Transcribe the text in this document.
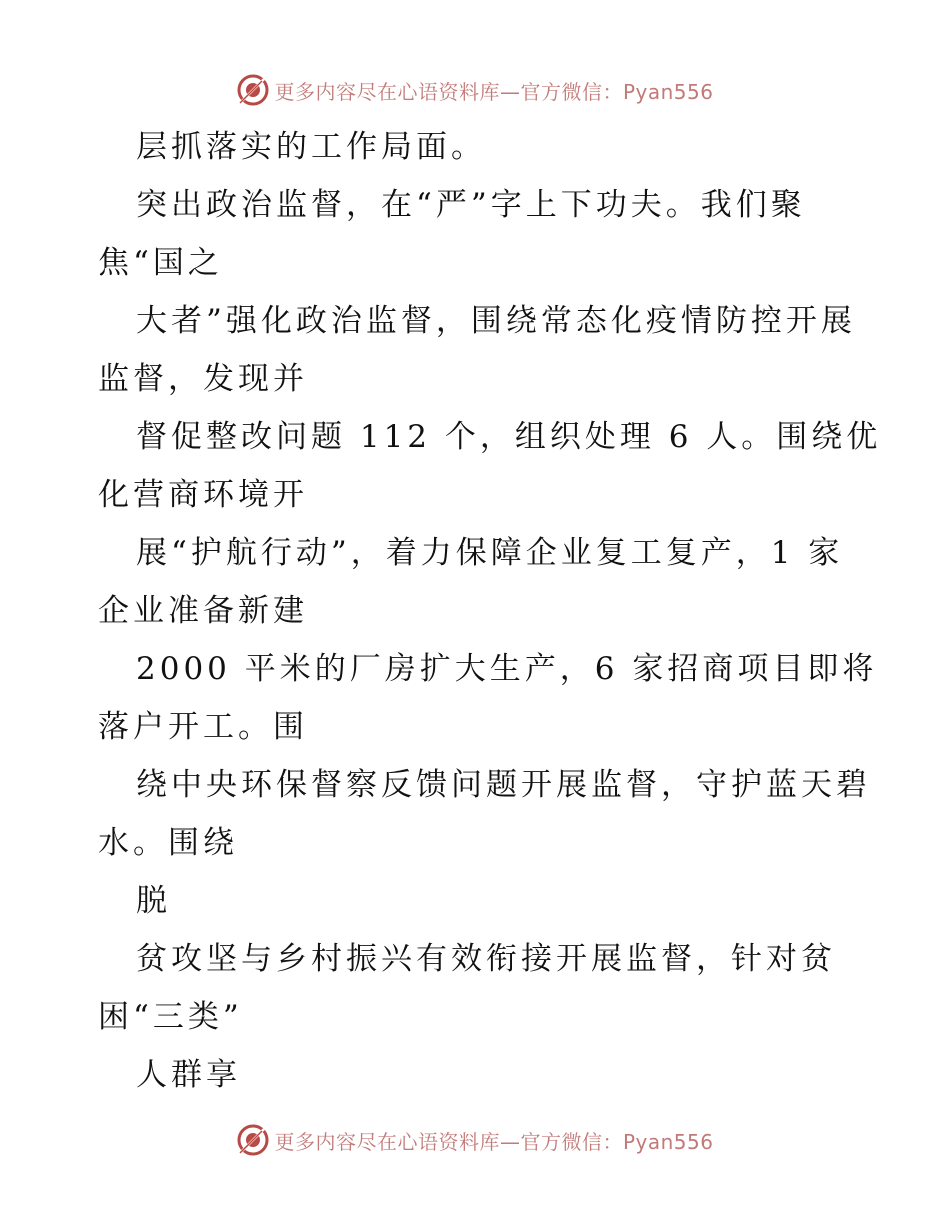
更多内容尽在心语资料库—官方微信：Pyan556
层抓落实的工作局面。
突出政治监督，在“严”字上下功夫。我们聚
焦“国之
大者”强化政治监督，围绕常态化疫情防控开展
监督，发现并
督促整改问题 112 个，组织处理 6 人。围绕优
化营商环境开
展“护航行动”，着力保障企业复工复产，1 家
企业准备新建
2000 平米的厂房扩大生产，6 家招商项目即将
落户开工。围
绕中央环保督察反馈问题开展监督，守护蓝天碧
水。围绕
脱
贫攻坚与乡村振兴有效衔接开展监督，针对贫
困“三类”
人群享
更多内容尽在心语资料库—官方微信：Pyan556
